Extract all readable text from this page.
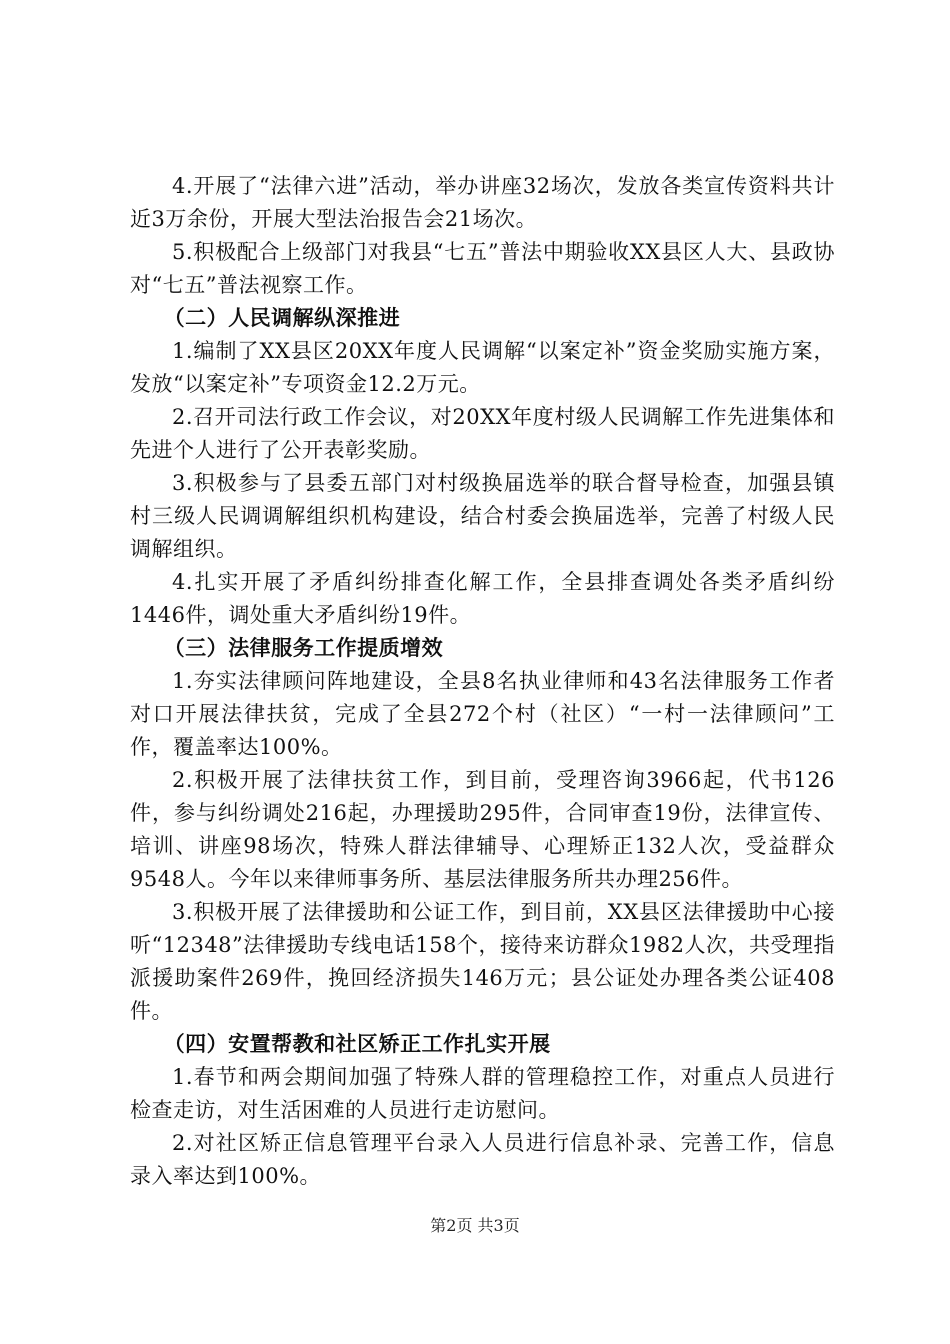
4.开展了“法律六进”活动，举办讲座32场次，发放各类宣传资料共计近3万余份，开展大型法治报告会21场次。

5.积极配合上级部门对我县“七五”普法中期验收XX县区人大、县政协对“七五”普法视察工作。

（二）人民调解纵深推进

1.编制了XX县区20XX年度人民调解“以案定补”资金奖励实施方案，发放“以案定补”专项资金12.2万元。

2.召开司法行政工作会议，对20XX年度村级人民调解工作先进集体和先进个人进行了公开表彰奖励。

3.积极参与了县委五部门对村级换届选举的联合督导检查，加强县镇村三级人民调调解组织机构建设，结合村委会换届选举，完善了村级人民调解组织。

4.扎实开展了矛盾纠纷排查化解工作，全县排查调处各类矛盾纠纷1446件，调处重大矛盾纠纷19件。

（三）法律服务工作提质增效

1.夯实法律顾问阵地建设，全县8名执业律师和43名法律服务工作者对口开展法律扶贫，完成了全县272个村（社区）“一村一法律顾问”工作，覆盖率达100%。

2.积极开展了法律扶贫工作，到目前，受理咨询3966起，代书126件，参与纠纷调处216起，办理援助295件，合同审查19份，法律宣传、培训、讲座98场次，特殊人群法律辅导、心理矫正132人次，受益群众9548人。今年以来律师事务所、基层法律服务所共办理256件。

3.积极开展了法律援助和公证工作，到目前，XX县区法律援助中心接听“12348”法律援助专线电话158个，接待来访群众1982人次，共受理指派援助案件269件，挽回经济损失146万元；县公证处办理各类公证408件。

（四）安置帮教和社区矫正工作扎实开展

1.春节和两会期间加强了特殊人群的管理稳控工作，对重点人员进行检查走访，对生活困难的人员进行走访慰问。

2.对社区矫正信息管理平台录入人员进行信息补录、完善工作，信息录入率达到100%。

第2页 共3页
